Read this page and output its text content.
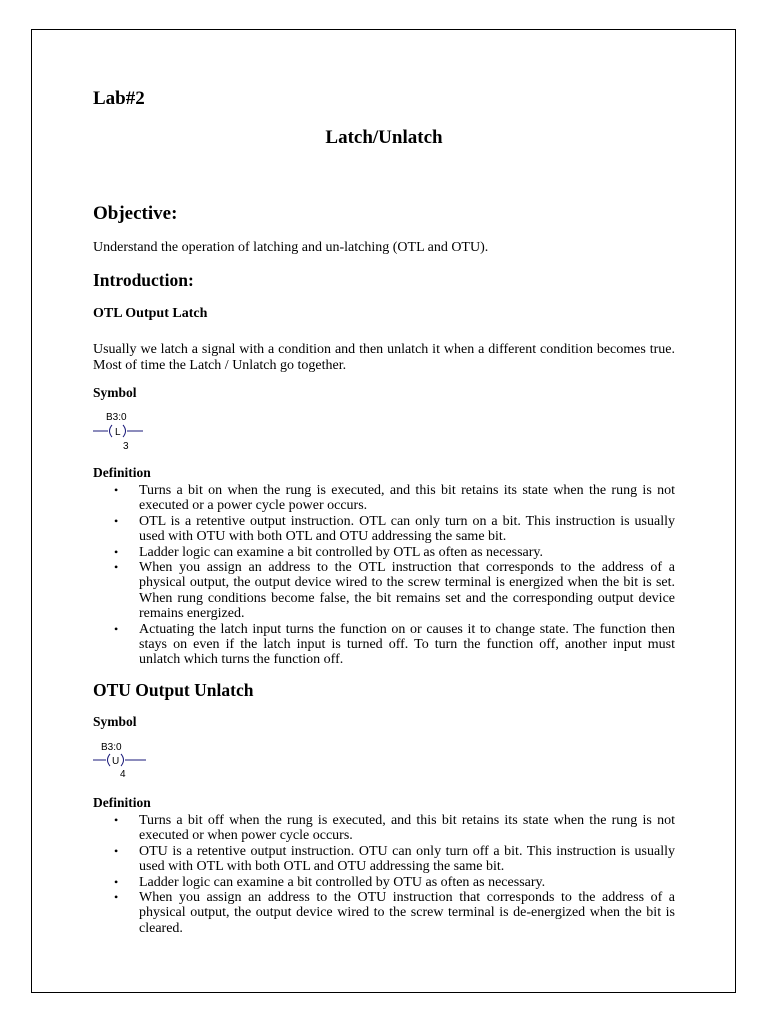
Lab#2
Latch/Unlatch
Objective:
Understand the operation of latching and un-latching (OTL and OTU).
Introduction:
OTL Output Latch
Usually we latch a signal with a condition and then unlatch it when a different condition becomes true. Most of time the Latch / Unlatch go together.
Symbol
B3:0
L
3
Definition
• Turns a bit on when the rung is executed, and this bit retains its state when the rung is not executed or a power cycle power occurs.
• OTL is a retentive output instruction. OTL can only turn on a bit. This instruction is usually used with OTU with both OTL and OTU addressing the same bit.
• Ladder logic can examine a bit controlled by OTL as often as necessary.
• When you assign an address to the OTL instruction that corresponds to the address of a physical output, the output device wired to the screw terminal is energized when the bit is set. When rung conditions become false, the bit remains set and the corresponding output device remains energized.
• Actuating the latch input turns the function on or causes it to change state. The function then stays on even if the latch input is turned off. To turn the function off, another input must unlatch which turns the function off.
OTU Output Unlatch
Symbol
B3:0
U
4
Definition
• Turns a bit off when the rung is executed, and this bit retains its state when the rung is not executed or when power cycle occurs.
• OTU is a retentive output instruction. OTU can only turn off a bit. This instruction is usually used with OTL with both OTL and OTU addressing the same bit.
• Ladder logic can examine a bit controlled by OTU as often as necessary.
• When you assign an address to the OTU instruction that corresponds to the address of a physical output, the output device wired to the screw terminal is de-energized when the bit is cleared.
